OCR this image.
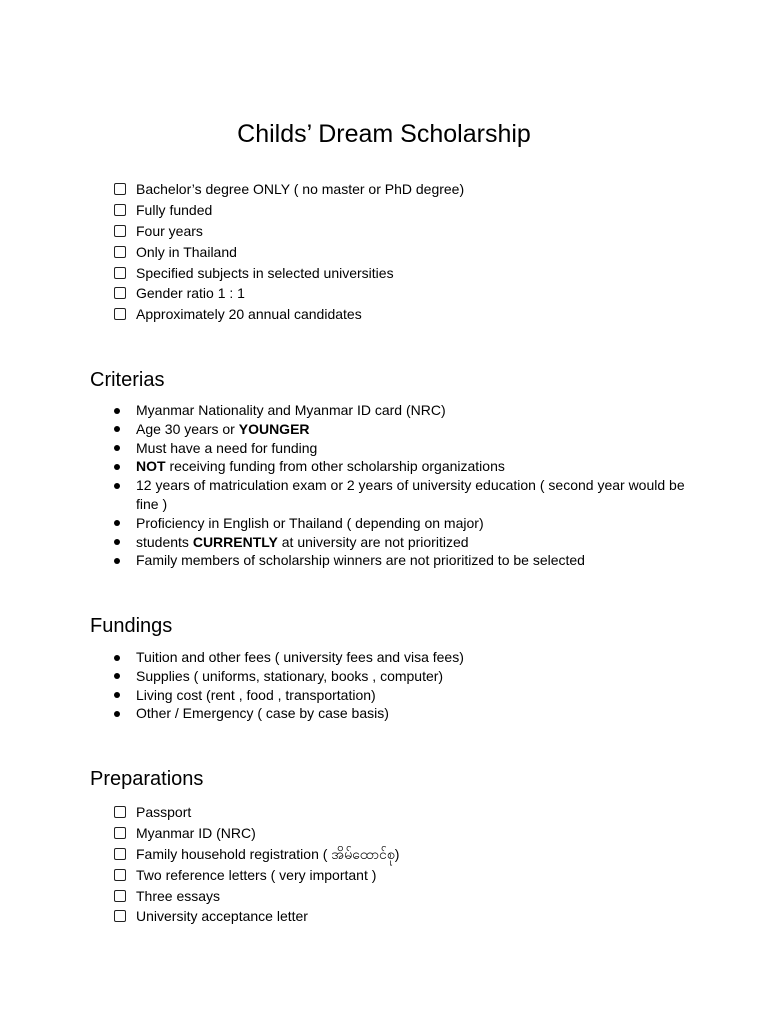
Childs’ Dream Scholarship
Bachelor’s degree ONLY ( no master or PhD degree)
Fully funded
Four years
Only in Thailand
Specified subjects in selected universities
Gender ratio 1 : 1
Approximately 20 annual candidates
Criterias
Myanmar Nationality and Myanmar ID card (NRC)
Age 30 years or YOUNGER
Must have a need for funding
NOT receiving funding from other scholarship organizations
12 years of matriculation exam or 2 years of university education ( second year would be fine )
Proficiency in English or Thailand ( depending on major)
students CURRENTLY at university are not prioritized
Family members of scholarship winners are not prioritized to be selected
Fundings
Tuition and other fees ( university fees and visa fees)
Supplies ( uniforms, stationary, books , computer)
Living cost (rent , food , transportation)
Other / Emergency ( case by case basis)
Preparations
Passport
Myanmar ID (NRC)
Family household registration ( အိမ်ထောင်စု)
Two reference letters ( very important )
Three essays
University acceptance letter
